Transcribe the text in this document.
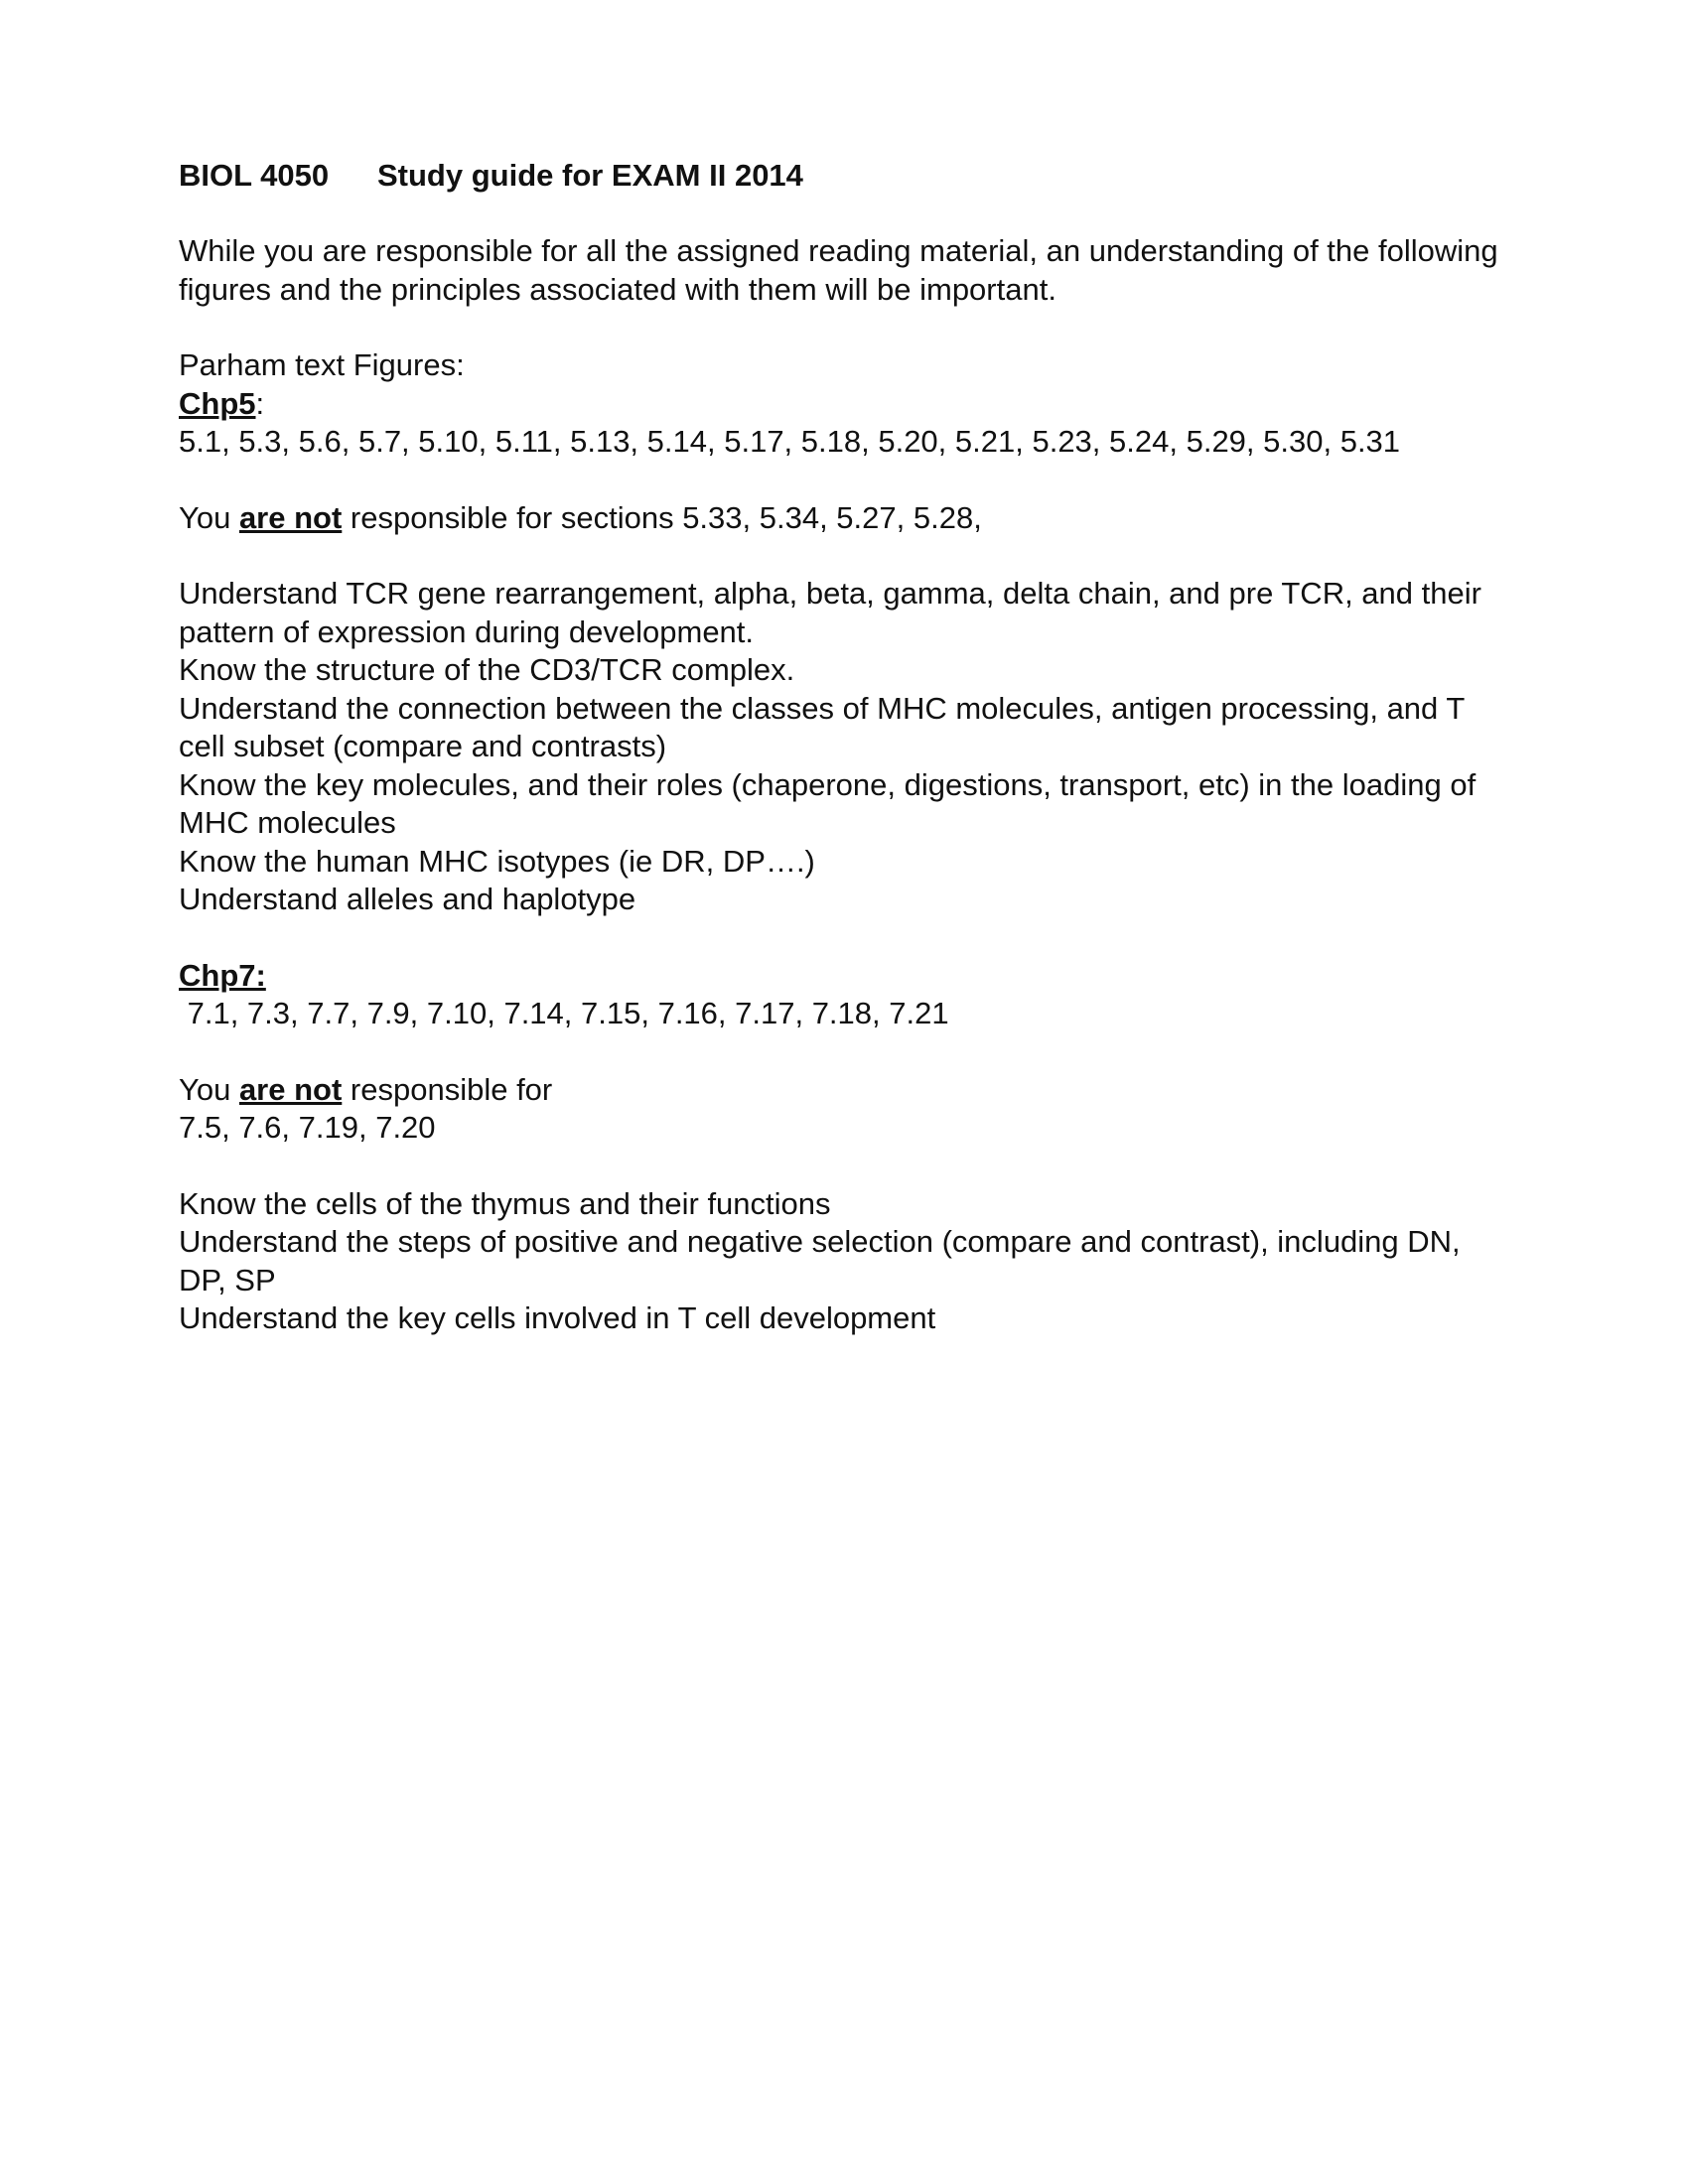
BIOL 4050 Study guide for EXAM II 2014

While you are responsible for all the assigned reading material, an understanding of the following

figures and the principles associated with them will be important.

Parham text Figures:

Chp5:

5.1, 5.3, 5.6, 5.7, 5.10, 5.11, 5.13, 5.14, 5.17, 5.18, 5.20, 5.21, 5.23, 5.24, 5.29, 5.30, 5.31

You are not responsible for sections 5.33, 5.34, 5.27, 5.28,

Understand TCR gene rearrangement, alpha, beta, gamma, delta chain, and pre TCR, and their

pattern of expression during development.

Know the structure of the CD3/TCR complex.

Understand the connection between the classes of MHC molecules, antigen processing, and T

cell subset (compare and contrasts)

Know the key molecules, and their roles (chaperone, digestions, transport, etc) in the loading of

MHC molecules

Know the human MHC isotypes (ie DR, DP….)

Understand alleles and haplotype

Chp7:

7.1, 7.3, 7.7, 7.9, 7.10, 7.14, 7.15, 7.16, 7.17, 7.18, 7.21

You are not responsible for

7.5, 7.6, 7.19, 7.20

Know the cells of the thymus and their functions

Understand the steps of positive and negative selection (compare and contrast), including DN,

DP, SP

Understand the key cells involved in T cell development
